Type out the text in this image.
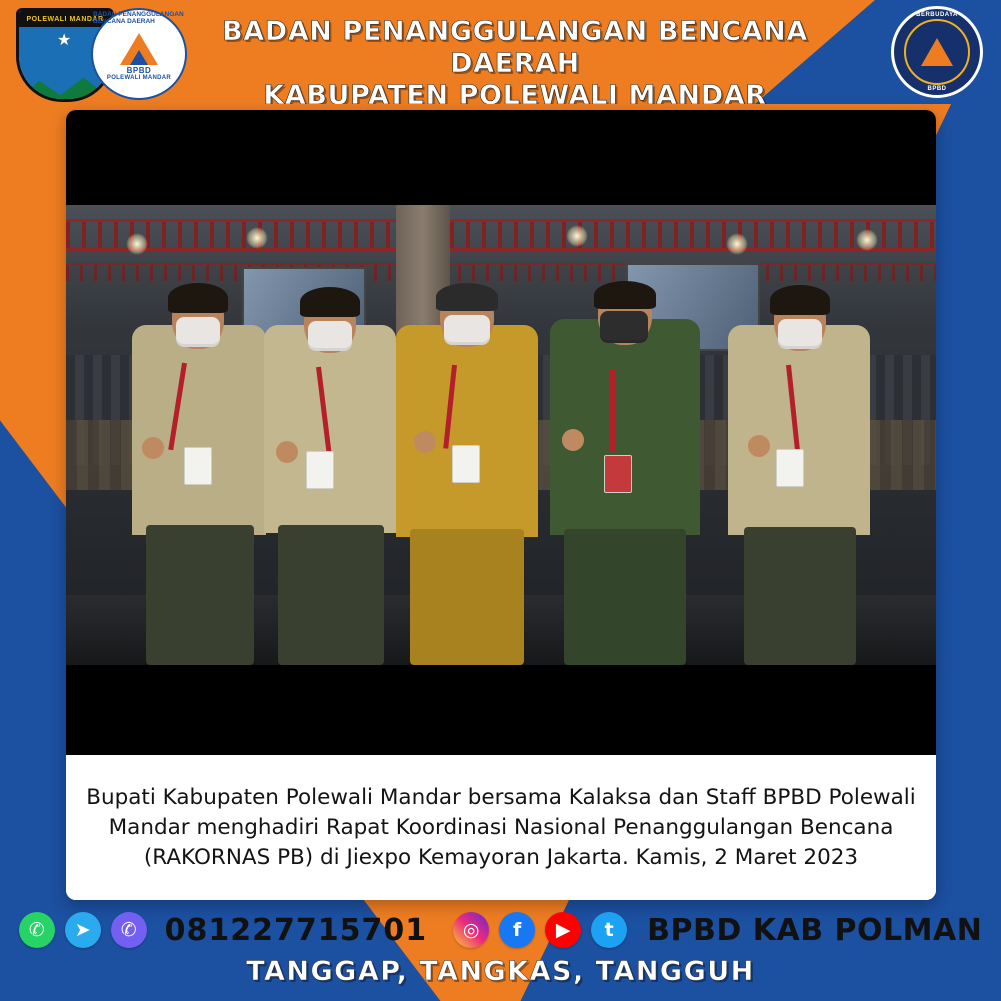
POLEWALI MANDAR
★
BADAN PENANGGULANGAN BENCANA DAERAH
BPBD
POLEWALI MANDAR
BADAN PENANGGULANGAN BENCANA DAERAH
KABUPATEN POLEWALI MANDAR
BERBUDAYA
BPBD

Bupati Kabupaten Polewali Mandar bersama Kalaksa dan Staff BPBD Polewali Mandar menghadiri Rapat Koordinasi Nasional Penanggulangan Bencana (RAKORNAS PB) di Jiexpo Kemayoran Jakarta. Kamis, 2 Maret 2023

✆	➤	✆ 081227715701	◎	f	▶	t	BPBD KAB POLMAN
TANGGAP, TANGKAS, TANGGUH
